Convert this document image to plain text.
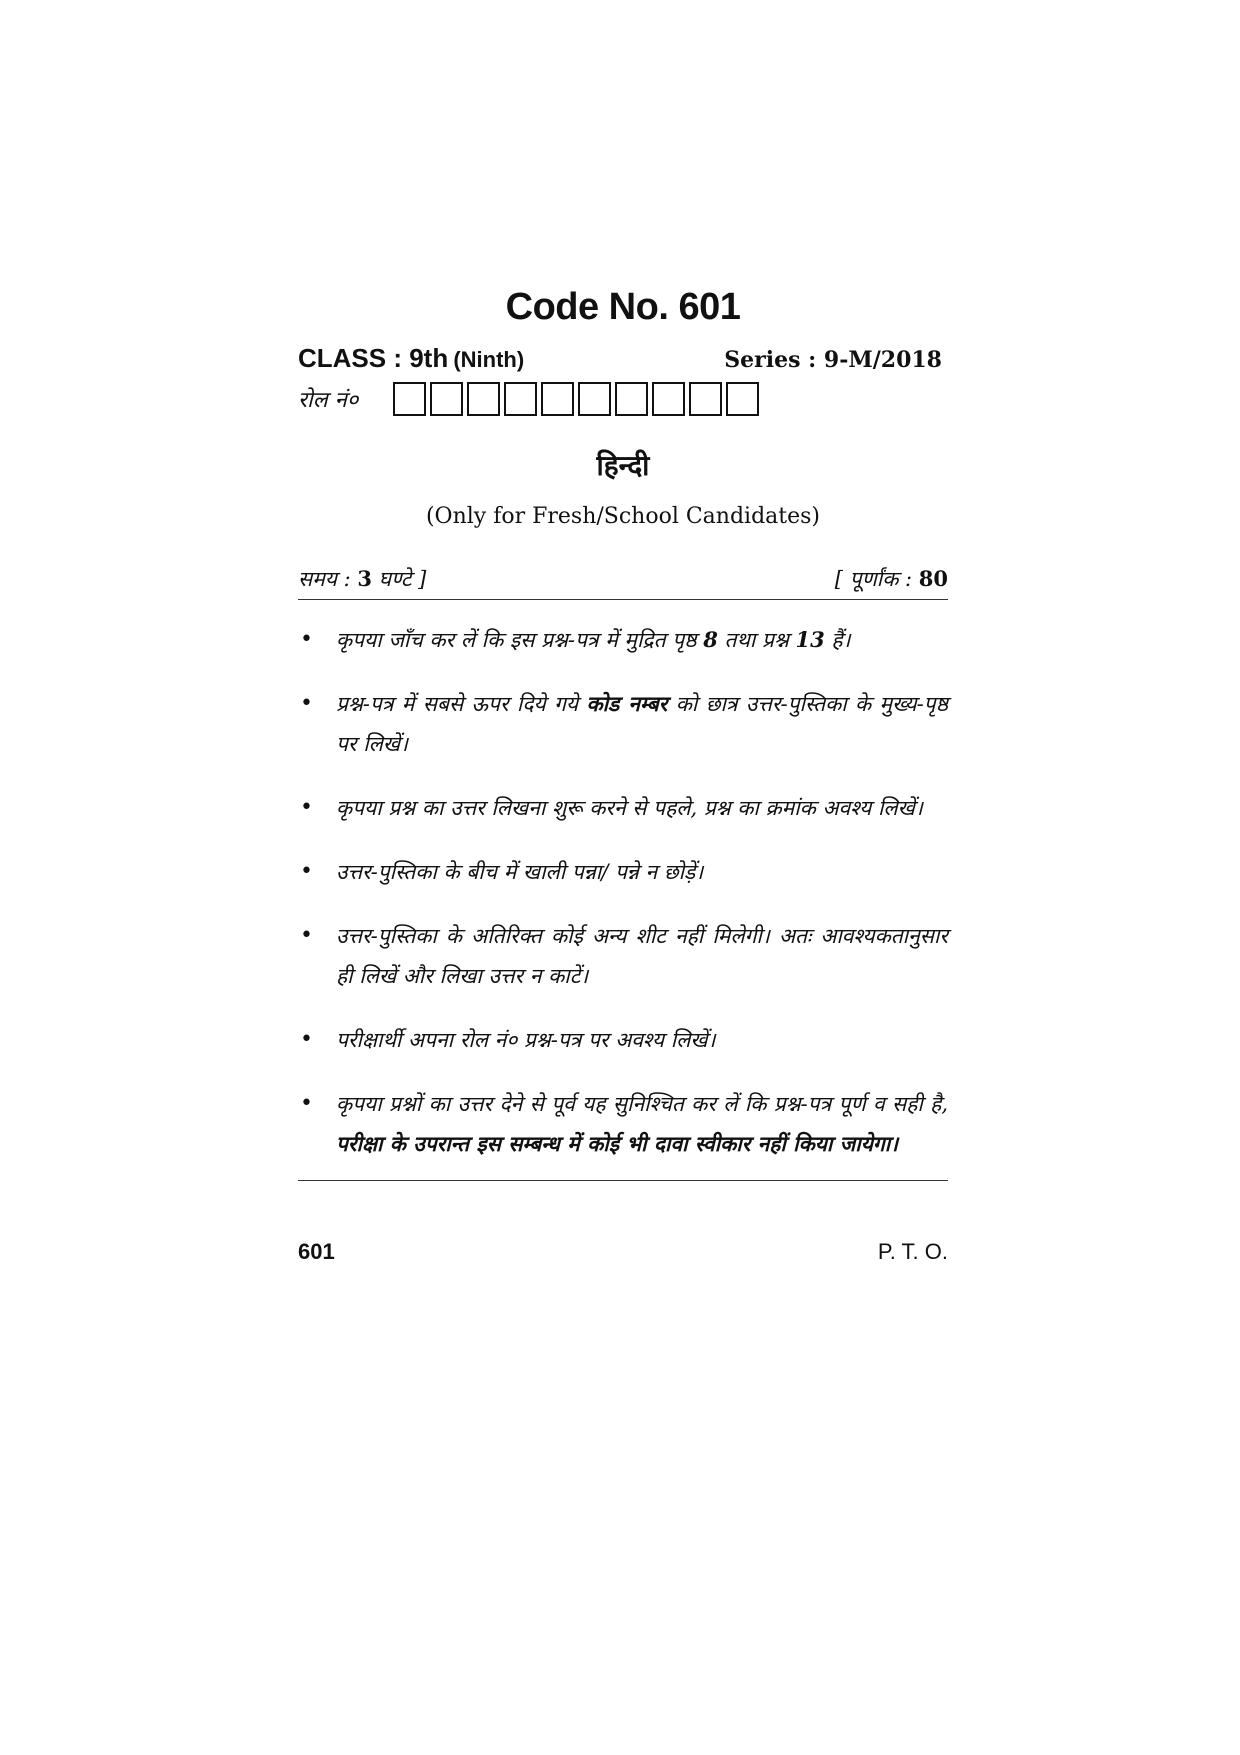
Code No. 601
CLASS : 9th (Ninth)	Series : 9-M/2018
रोल नं०
हिन्दी
(Only for Fresh/School Candidates)
समय : 3 घण्टे ]	[ पूर्णांक : 80
• कृपया जाँच कर लें कि इस प्रश्न-पत्र में मुद्रित पृष्ठ 8 तथा प्रश्न 13 हैं।
• प्रश्न-पत्र में सबसे ऊपर दिये गये कोड नम्बर को छात्र उत्तर-पुस्तिका के मुख्य-पृष्ठ पर लिखें।
• कृपया प्रश्न का उत्तर लिखना शुरू करने से पहले, प्रश्न का क्रमांक अवश्य लिखें।
• उत्तर-पुस्तिका के बीच में खाली पन्ना/ पन्ने न छोड़ें।
• उत्तर-पुस्तिका के अतिरिक्त कोई अन्य शीट नहीं मिलेगी। अतः आवश्यकतानुसार ही लिखें और लिखा उत्तर न काटें।
• परीक्षार्थी अपना रोल नं० प्रश्न-पत्र पर अवश्य लिखें।
• कृपया प्रश्नों का उत्तर देने से पूर्व यह सुनिश्चित कर लें कि प्रश्न-पत्र पूर्ण व सही है, परीक्षा के उपरान्त इस सम्बन्ध में कोई भी दावा स्वीकार नहीं किया जायेगा।
601	P. T. O.
